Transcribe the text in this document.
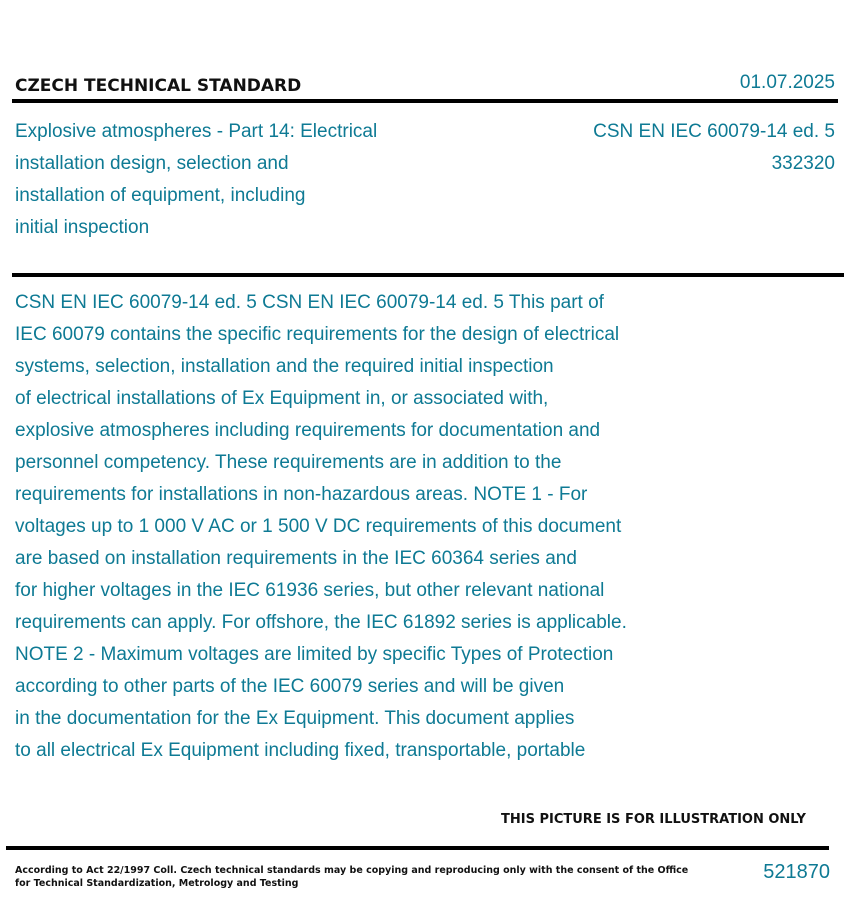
CZECH TECHNICAL STANDARD	01.07.2025
Explosive atmospheres - Part 14: Electrical
installation design, selection and
installation of equipment, including
initial inspection
CSN EN IEC 60079-14 ed. 5
332320
CSN EN IEC 60079-14 ed. 5 CSN EN IEC 60079-14 ed. 5 This part of
IEC 60079 contains the specific requirements for the design of electrical
systems, selection, installation and the required initial inspection
of electrical installations of Ex Equipment in, or associated with,
explosive atmospheres including requirements for documentation and
personnel competency. These requirements are in addition to the
requirements for installations in non-hazardous areas. NOTE 1 - For
voltages up to 1 000 V AC or 1 500 V DC requirements of this document
are based on installation requirements in the IEC 60364 series and
for higher voltages in the IEC 61936 series, but other relevant national
requirements can apply. For offshore, the IEC 61892 series is applicable.
NOTE 2 - Maximum voltages are limited by specific Types of Protection
according to other parts of the IEC 60079 series and will be given
in the documentation for the Ex Equipment. This document applies
to all electrical Ex Equipment including fixed, transportable, portable
THIS PICTURE IS FOR ILLUSTRATION ONLY
According to Act 22/1997 Coll. Czech technical standards may be copying and reproducing only with the consent of the Office
for Technical Standardization, Metrology and Testing
521870
